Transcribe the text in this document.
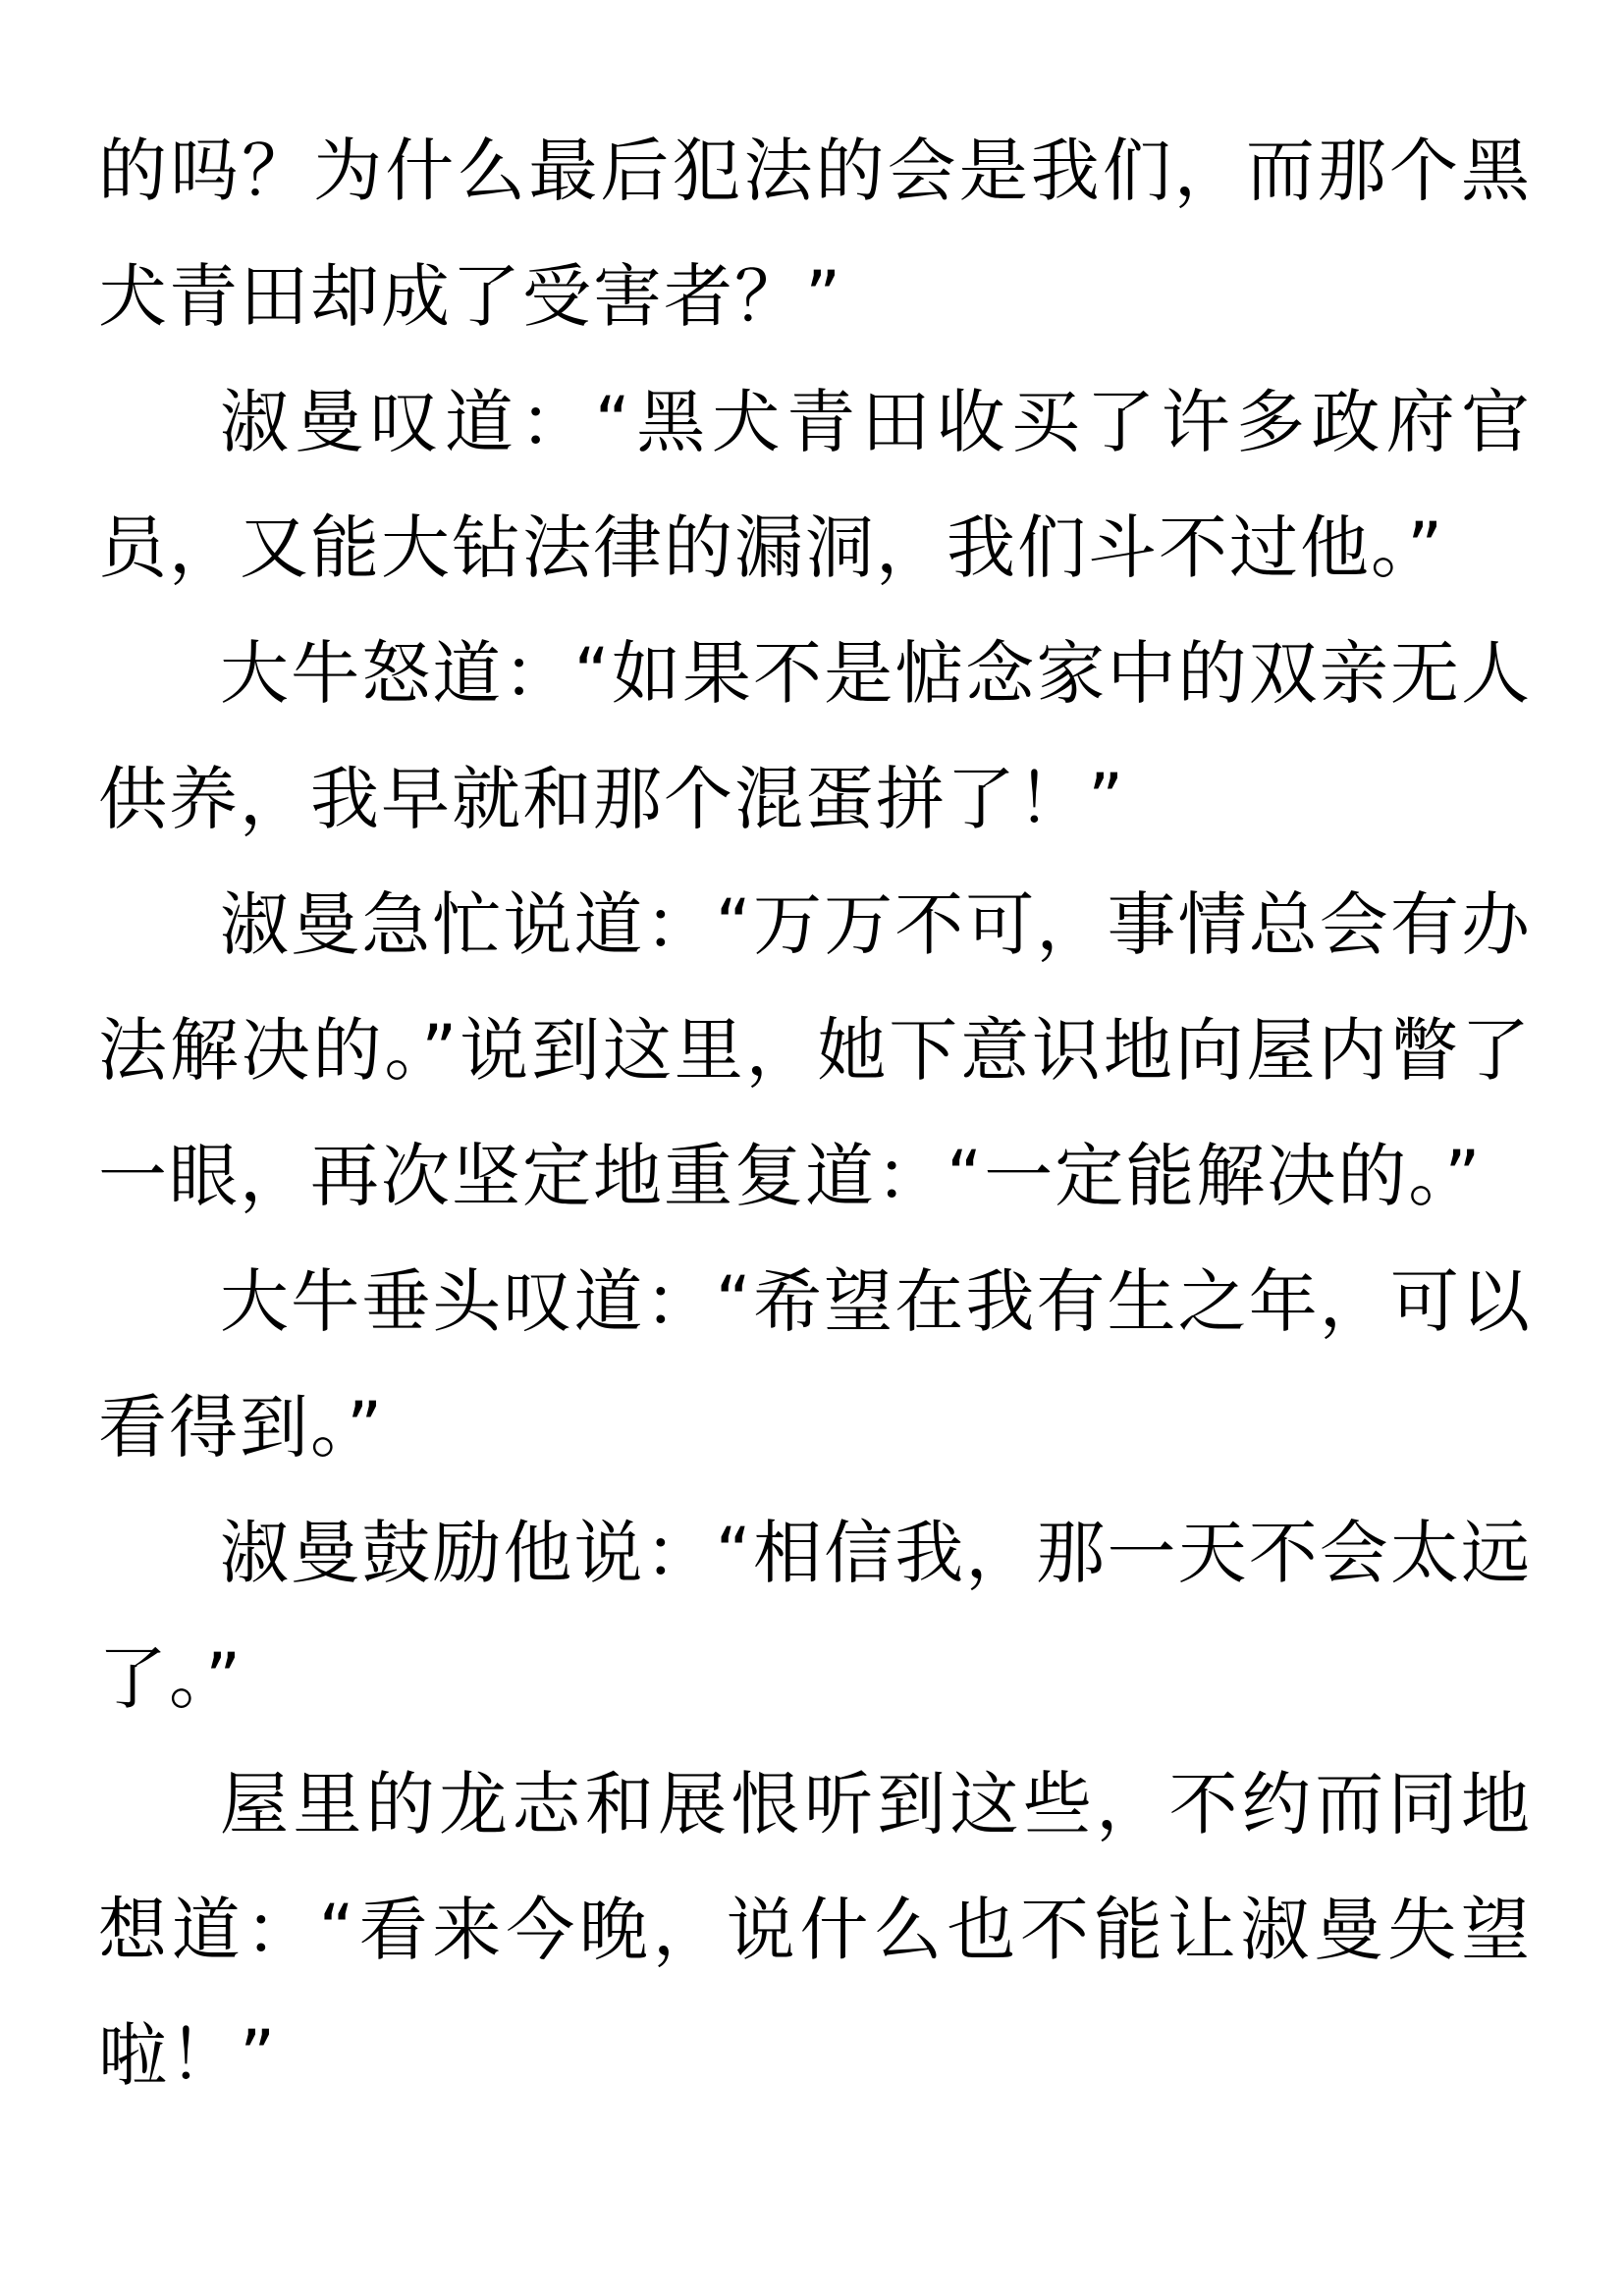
的吗？为什么最后犯法的会是我们，而那个黑犬青田却成了受害者？”

淑曼叹道：“黑犬青田收买了许多政府官员，又能大钻法律的漏洞，我们斗不过他。”

大牛怒道：“如果不是惦念家中的双亲无人供养，我早就和那个混蛋拼了！”

淑曼急忙说道：“万万不可，事情总会有办法解决的。”说到这里，她下意识地向屋内瞥了一眼，再次坚定地重复道：“一定能解决的。”

大牛垂头叹道：“希望在我有生之年，可以看得到。”

淑曼鼓励他说：“相信我，那一天不会太远了。”

屋里的龙志和展恨听到这些，不约而同地想道：“看来今晚，说什么也不能让淑曼失望啦！”
